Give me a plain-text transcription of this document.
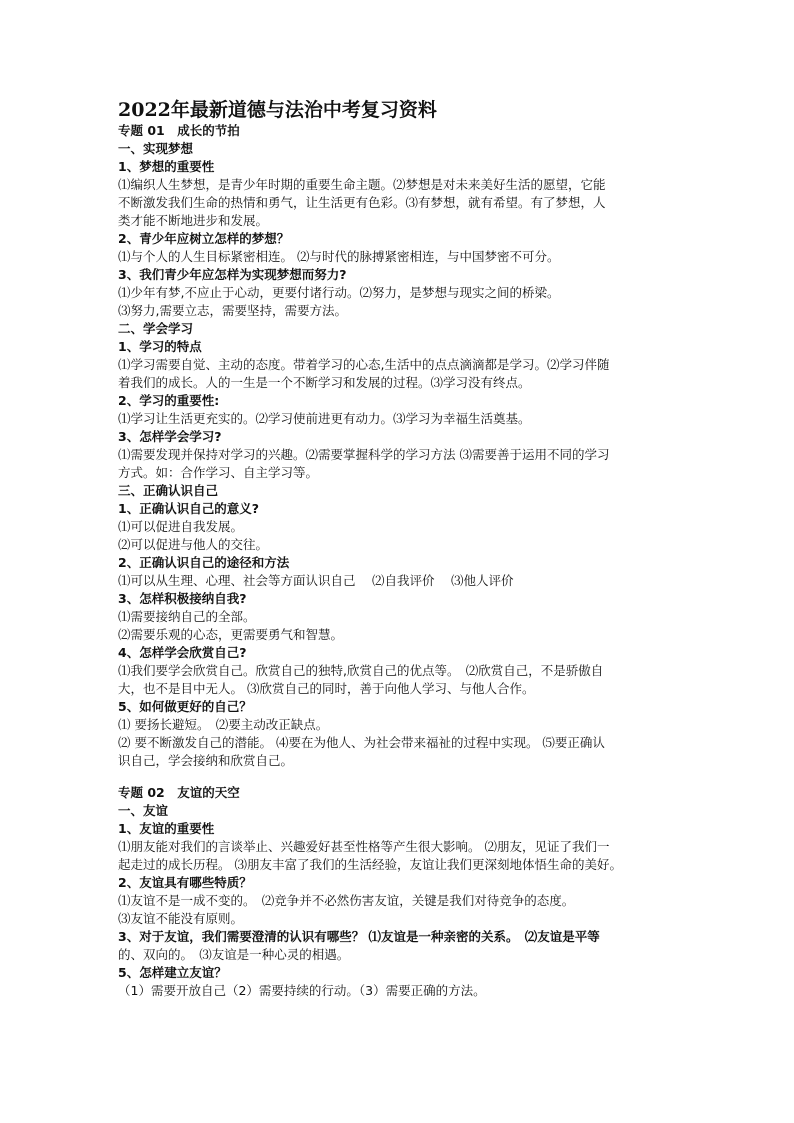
2022年最新道德与法治中考复习资料
专题 01　成长的节拍
一、实现梦想
1、梦想的重要性
⑴编织人生梦想，是青少年时期的重要生命主题。⑵梦想是对未来美好生活的愿望，它能
不断激发我们生命的热情和勇气，让生活更有色彩。⑶有梦想，就有希望。有了梦想，人
类才能不断地进步和发展。
2、青少年应树立怎样的梦想？
⑴与个人的人生目标紧密相连。 ⑵与时代的脉搏紧密相连，与中国梦密不可分。
3、我们青少年应怎样为实现梦想而努力?
⑴少年有梦,不应止于心动，更要付诸行动。⑵努力，是梦想与现实之间的桥梁。
⑶努力,需要立志，需要坚持，需要方法。
二、学会学习
1、学习的特点
⑴学习需要自觉、主动的态度。带着学习的心态,生活中的点点滴滴都是学习。⑵学习伴随
着我们的成长。人的一生是一个不断学习和发展的过程。⑶学习没有终点。
2、学习的重要性:
⑴学习让生活更充实的。⑵学习使前进更有动力。⑶学习为幸福生活奠基。
3、怎样学会学习?
⑴需要发现并保持对学习的兴趣。⑵需要掌握科学的学习方法 ⑶需要善于运用不同的学习
方式。如：合作学习、自主学习等。
三、正确认识自己
1、正确认识自己的意义?
⑴可以促进自我发展。
⑵可以促进与他人的交往。
2、正确认识自己的途径和方法
⑴可以从生理、心理、社会等方面认识自己　 ⑵自我评价　 ⑶他人评价
3、怎样积极接纳自我?
⑴需要接纳自己的全部。
⑵需要乐观的心态，更需要勇气和智慧。
4、怎样学会欣赏自己?
⑴我们要学会欣赏自己。欣赏自己的独特,欣赏自己的优点等。　⑵欣赏自己，不是骄傲自
大，也不是目中无人。 ⑶欣赏自己的同时，善于向他人学习、与他人合作。
5、如何做更好的自己？
⑴ 要扬长避短。　⑵要主动改正缺点。
⑵ 要不断激发自己的潜能。 ⑷要在为他人、为社会带来福祉的过程中实现。 ⑸要正确认
识自己，学会接纳和欣赏自己。
专题 02　友谊的天空
一、友谊
1、友谊的重要性
⑴朋友能对我们的言谈举止、兴趣爱好甚至性格等产生很大影响。 ⑵朋友，见证了我们一
起走过的成长历程。 ⑶朋友丰富了我们的生活经验，友谊让我们更深刻地体悟生命的美好。
2、友谊具有哪些特质？
⑴友谊不是一成不变的。　⑵竞争并不必然伤害友谊，关键是我们对待竞争的态度。
⑶友谊不能没有原则。
3、对于友谊，我们需要澄清的认识有哪些？ ⑴友谊是一种亲密的关系。　⑵友谊是平等
的、双向的。　⑶友谊是一种心灵的相遇。
5、怎样建立友谊？
（1）需要开放自己（2）需要持续的行动。（3）需要正确的方法。
